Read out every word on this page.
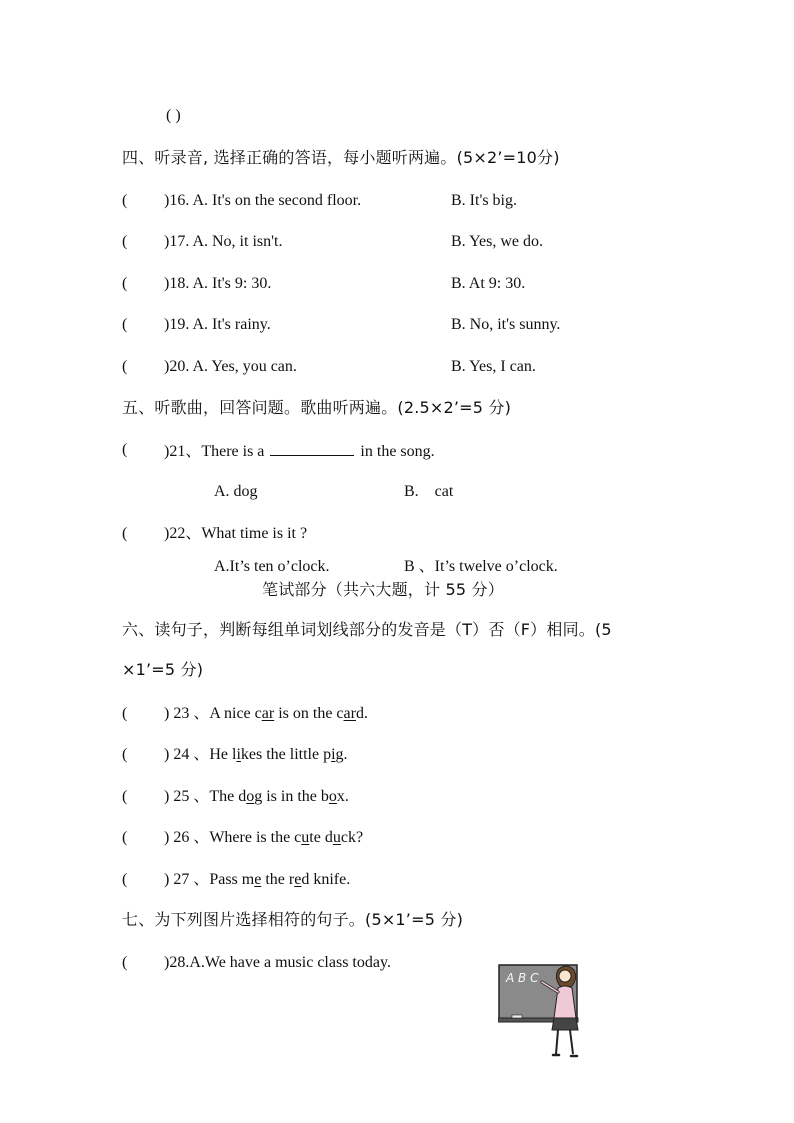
( )
四、听录音, 选择正确的答语，每小题听两遍。(5×2’=10分)
( )16. A. It's on the second floor.	B. It's big.
( )17. A. No, it isn't.	B. Yes, we do.
( )18. A. It's 9: 30.	B. At 9: 30.
( )19. A. It's rainy.	B. No, it's sunny.
( )20. A. Yes, you can.	B. Yes, I can.
五、听歌曲，回答问题。歌曲听两遍。(2.5×2’=5 分)
( )21、There is a	in the song.
A. dog	B.    cat
( )22、What time is it ?
A.It’s ten o’clock.	B 、It’s twelve o’clock.
笔试部分（共六大题，计 55 分）
六、读句子，判断每组单词划线部分的发音是（T）否（F）相同。(5
×1’=5 分)
( ) 23 、A nice car is on the card.
( ) 24 、He likes the little pig.
( ) 25 、The dog is in the box.
( ) 26 、Where is the cute duck?
( ) 27 、Pass me the red knife.
七、为下列图片选择相符的句子。(5×1’=5 分)
( )28.A.We have a music class today.
A B C
